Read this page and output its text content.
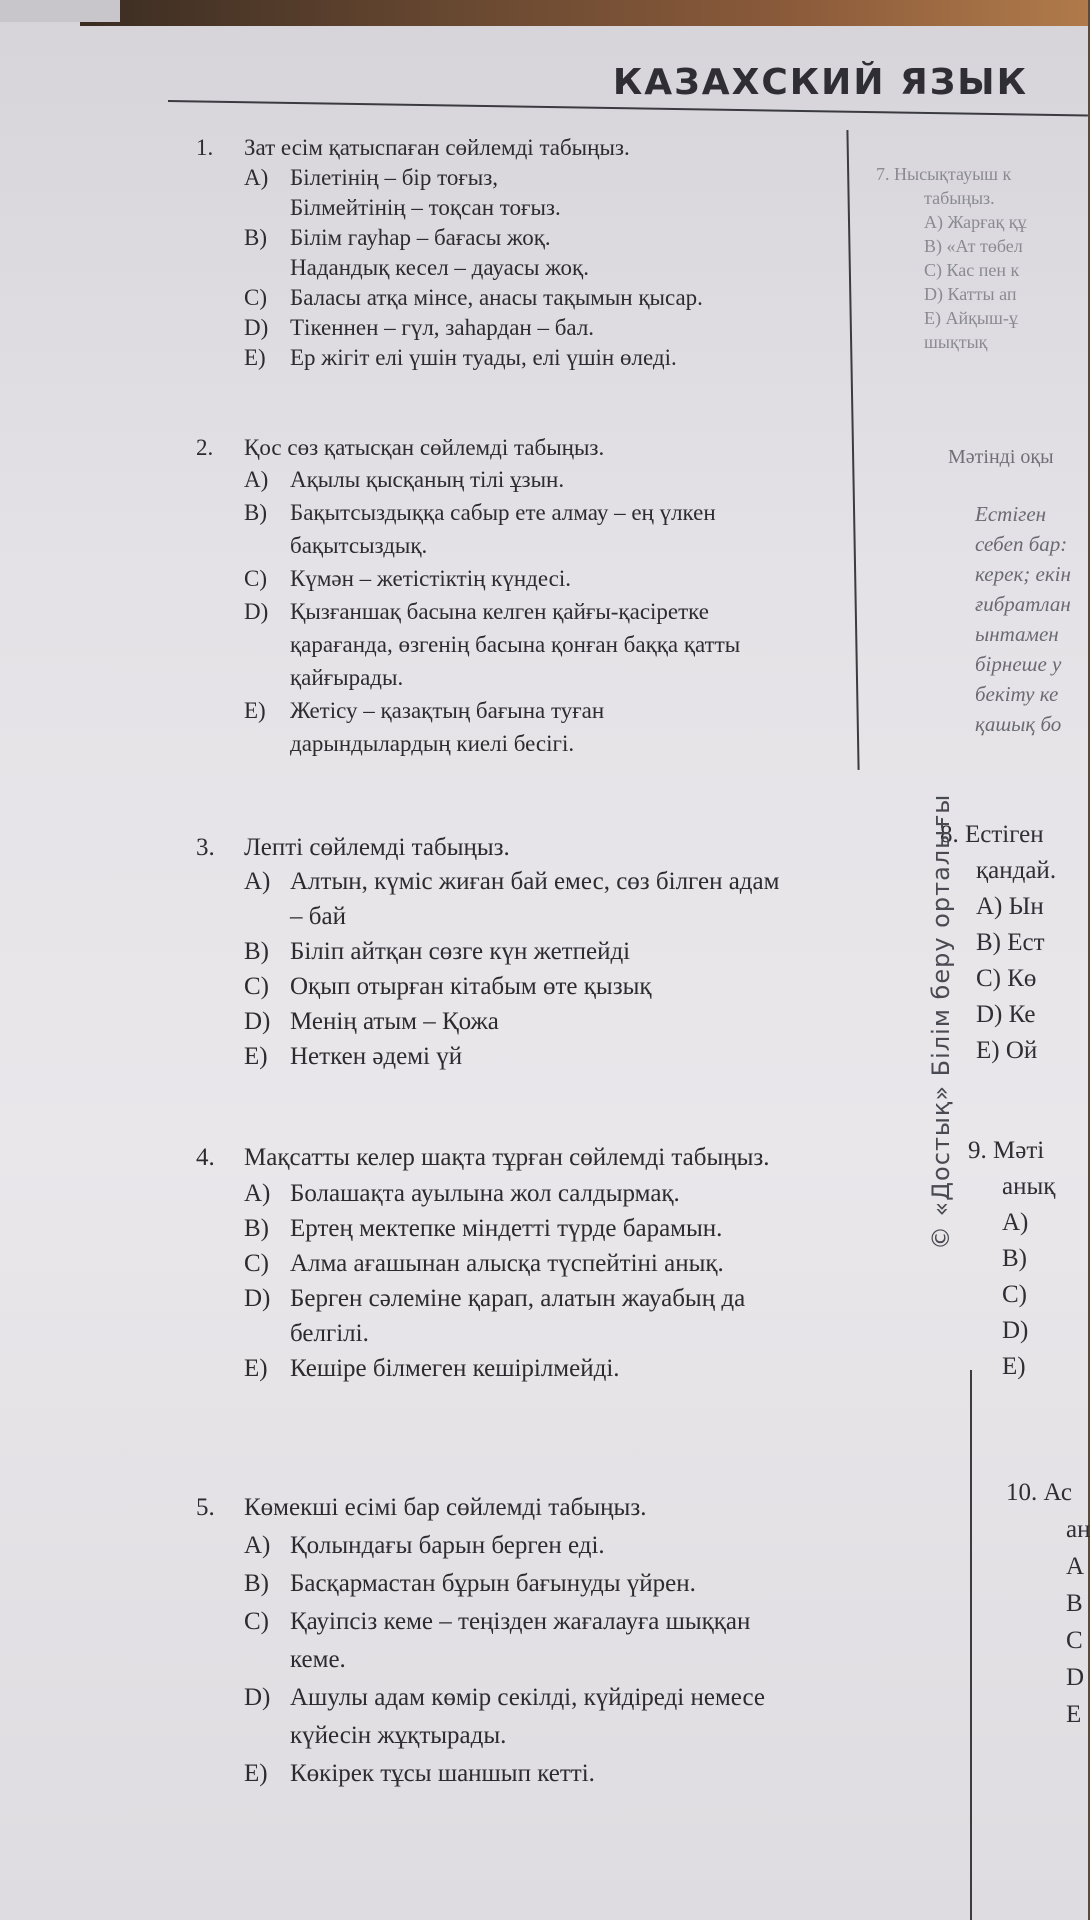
КАЗАХСКИЙ ЯЗЫК
1. Зат есім қатыспаған сөйлемді табыңыз.
A) Білетінің – бір тоғыз,
Білмейтінің – тоқсан тоғыз.
B) Білім гауһар – бағасы жоқ.
Надандық кесел – дауасы жоқ.
C) Баласы атқа мінсе, анасы тақымын қысар.
D) Тікеннен – гүл, заһардан – бал.
E) Ер жігіт елі үшін туады, елі үшін өледі.
2. Қос сөз қатысқан сөйлемді табыңыз.
A) Ақылы қысқаның тілі ұзын.
B) Бақытсыздыққа сабыр ете алмау – ең үлкен
бақытсыздық.
C) Күмән – жетістіктің күндесі.
D) Қызғаншақ басына келген қайғы-қасіретке
қарағанда, өзгенің басына қонған баққа қатты
қайғырады.
E) Жетісу – қазақтың бағына туған
дарындылардың киелі бесігі.
3. Лепті сөйлемді табыңыз.
A) Алтын, күміс жиған бай емес, сөз білген адам
– бай
B) Біліп айтқан сөзге күн жетпейді
C) Оқып отырған кітабым өте қызық
D) Менің атым – Қожа
E) Неткен әдемі үй
4. Мақсатты келер шақта тұрған сөйлемді табыңыз.
A) Болашақта ауылына жол салдырмақ.
B) Ертең мектепке міндетті түрде барамын.
C) Алма ағашынан алысқа түспейтіні анық.
D) Берген сәлеміне қарап, алатын жауабың да
белгілі.
E) Кешіре білмеген кешірілмейді.
5. Көмекші есімі бар сөйлемді табыңыз.
A) Қолындағы барын берген еді.
B) Басқармастан бұрын бағынуды үйрен.
C) Қауіпсіз кеме – теңізден жағалауға шыққан
кеме.
D) Ашулы адам көмір секілді, күйдіреді немесе
күйесін жұқтырады.
E) Көкірек тұсы шаншып кетті.
7. Нысықтауыш к
табыңыз.
A) Жарғақ құ
B) «Ат төбел
C) Кас пен к
D) Катты ап
E) Айқыш-ұ
шықтық
Мәтінді оқы
Естіген
себеп бар:
керек; екін
ғибратлан
ынтамен
бірнеше у
бекіту ке
қашық бо
8. Естіген
қандай.
A) Ын
B) Ест
C) Кө
D) Ке
E) Ой
9. Мәті
анық
A)
B)
C)
D)
E)
10. Ас
ан
A
B
C
D
E
© «Достық» Білім беру орталығы
